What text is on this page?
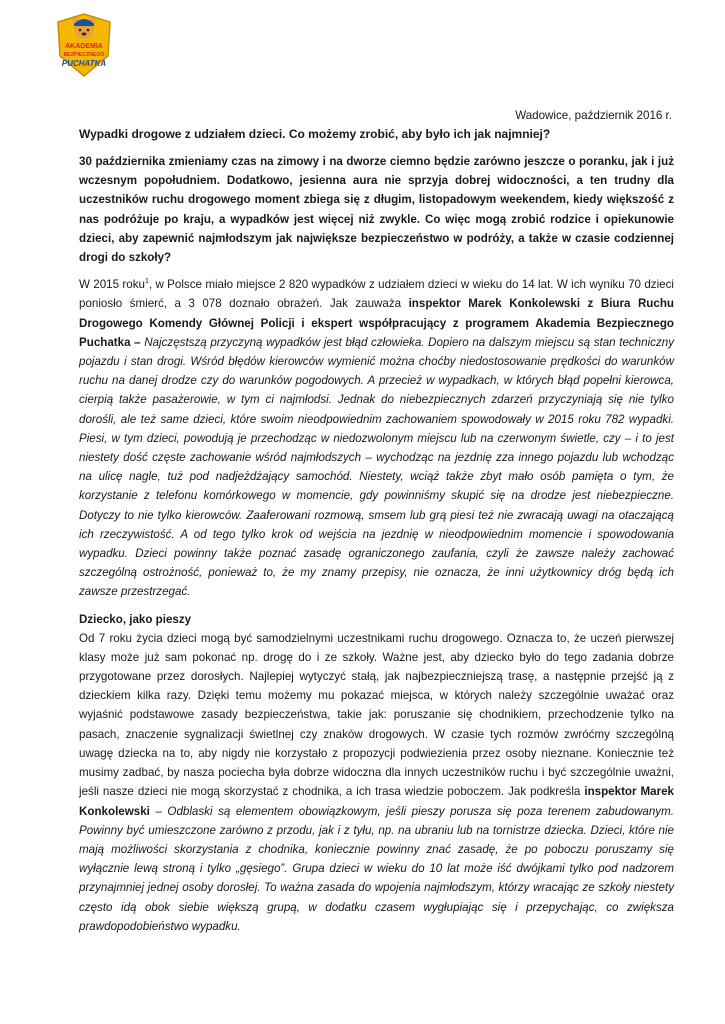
AKADEMIA
BEZPIECZNEGO
PUCHATKA
Wadowice, październik 2016 r.
Wypadki drogowe z udziałem dzieci. Co możemy zrobić, aby było ich jak najmniej?

30 października zmieniamy czas na zimowy i na dworze ciemno będzie zarówno jeszcze o poranku, jak i już wczesnym popołudniem. Dodatkowo, jesienna aura nie sprzyja dobrej widoczności, a ten trudny dla uczestników ruchu drogowego moment zbiega się z długim, listopadowym weekendem, kiedy większość z nas podróżuje po kraju, a wypadków jest więcej niż zwykle. Co więc mogą zrobić rodzice i opiekunowie dzieci, aby zapewnić najmłodszym jak największe bezpieczeństwo w podróży, a także w czasie codziennej drogi do szkoły?

W 2015 roku$^1$, w Polsce miało miejsce 2 820 wypadków z udziałem dzieci w wieku do 14 lat. W ich wyniku 70 dzieci poniosło śmierć, a 3 078 doznało obrażeń. Jak zauważa inspektor Marek Konkolewski z Biura Ruchu Drogowego Komendy Głównej Policji i ekspert współpracujący z programem Akademia Bezpiecznego Puchatka – Najczęstszą przyczyną wypadków jest błąd człowieka. Dopiero na dalszym miejscu są stan techniczny pojazdu i stan drogi. Wśród błędów kierowców wymienić można choćby niedostosowanie prędkości do warunków ruchu na danej drodze czy do warunków pogodowych. A przecież w wypadkach, w których błąd popełni kierowca, cierpią także pasażerowie, w tym ci najmłodsi. Jednak do niebezpiecznych zdarzeń przyczyniają się nie tylko dorośli, ale też same dzieci, które swoim nieodpowiednim zachowaniem spowodowały w 2015 roku 782 wypadki. Piesi, w tym dzieci, powodują je przechodząc w niedozwolonym miejscu lub na czerwonym świetle, czy – i to jest niestety dość częste zachowanie wśród najmłodszych – wychodząc na jezdnię zza innego pojazdu lub wchodząc na ulicę nagle, tuż pod nadjeżdżający samochód. Niestety, wciąż także zbyt mało osób pamięta o tym, że korzystanie z telefonu komórkowego w momencie, gdy powinniśmy skupić się na drodze jest niebezpieczne. Dotyczy to nie tylko kierowców. Zaaferowani rozmową, smsem lub grą piesi też nie zwracają uwagi na otaczającą ich rzeczywistość. A od tego tylko krok od wejścia na jezdnię w nieodpowiednim momencie i spowodowania wypadku. Dzieci powinny także poznać zasadę ograniczonego zaufania, czyli że zawsze należy zachować szczególną ostrożność, ponieważ to, że my znamy przepisy, nie oznacza, że inni użytkownicy dróg będą ich zawsze przestrzegać.

Dziecko, jako pieszy

Od 7 roku życia dzieci mogą być samodzielnymi uczestnikami ruchu drogowego. Oznacza to, że uczeń pierwszej klasy może już sam pokonać np. drogę do i ze szkoły. Ważne jest, aby dziecko było do tego zadania dobrze przygotowane przez dorosłych. Najlepiej wytyczyć stałą, jak najbezpieczniejszą trasę, a następnie przejść ją z dzieckiem kilka razy. Dzięki temu możemy mu pokazać miejsca, w których należy szczególnie uważać oraz wyjaśnić podstawowe zasady bezpieczeństwa, takie jak: poruszanie się chodnikiem, przechodzenie tylko na pasach, znaczenie sygnalizacji świetlnej czy znaków drogowych. W czasie tych rozmów zwróćmy szczególną uwagę dziecka na to, aby nigdy nie korzystało z propozycji podwiezienia przez osoby nieznane. Koniecznie też musimy zadbać, by nasza pociecha była dobrze widoczna dla innych uczestników ruchu i być szczególnie uważni, jeśli nasze dzieci nie mogą skorzystać z chodnika, a ich trasa wiedzie poboczem. Jak podkreśla inspektor Marek Konkolewski – Odblaski są elementem obowiązkowym, jeśli pieszy porusza się poza terenem zabudowanym. Powinny być umieszczone zarówno z przodu, jak i z tyłu, np. na ubraniu lub na tornistrze dziecka. Dzieci, które nie mają możliwości skorzystania z chodnika, koniecznie powinny znać zasadę, że po poboczu poruszamy się wyłącznie lewą stroną i tylko „gęsiego”. Grupa dzieci w wieku do 10 lat może iść dwójkami tylko pod nadzorem przynajmniej jednej osoby dorosłej. To ważna zasada do wpojenia najmłodszym, którzy wracając ze szkoły niestety często idą obok siebie większą grupą, w dodatku czasem wygłupiając się i przepychając, co zwiększa prawdopodobieństwo wypadku.
